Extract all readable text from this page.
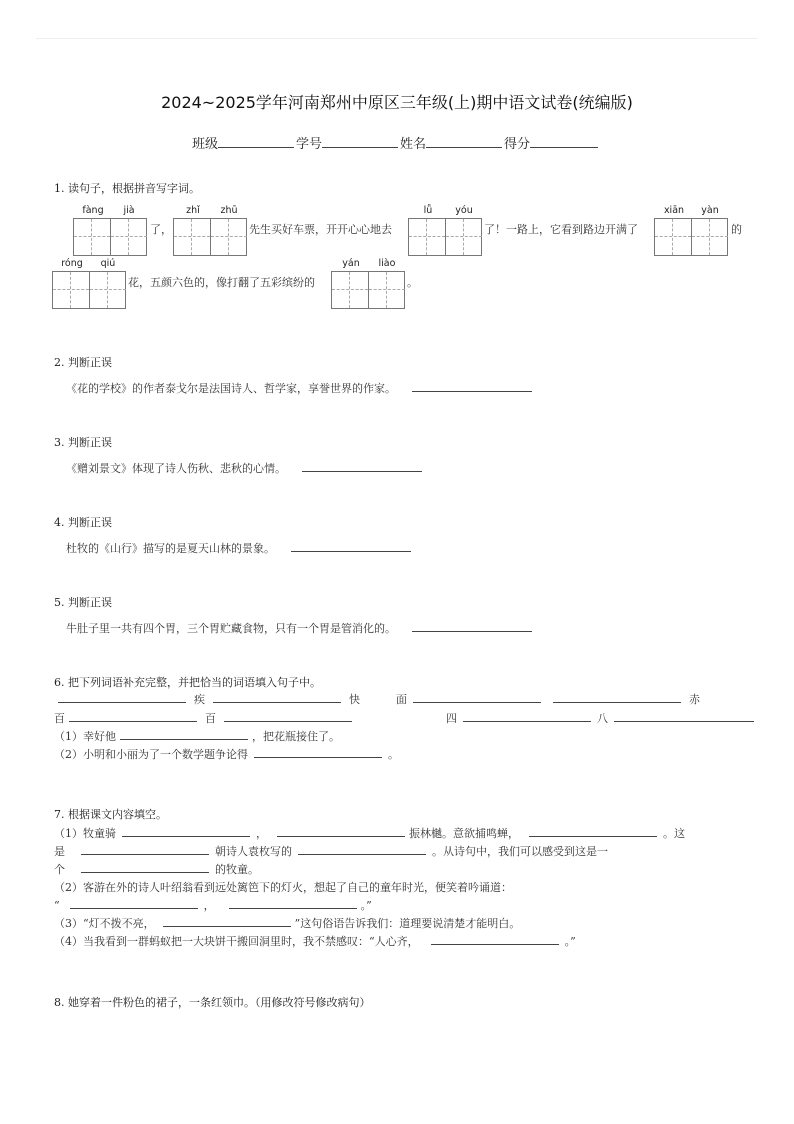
2024~2025学年河南郑州中原区三年级(上)期中语文试卷(统编版)
班级	学号	姓名	得分
1. 读句子，根据拼音写字词。
fàng	jià
了，
zhǐ	zhū
先生买好车票，开开心心地去
lǚ	yóu
了！一路上，它看到路边开满了
xiān	yàn
的
róng	qiú
花，五颜六色的，像打翻了五彩缤纷的
yán	liào
。
2. 判断正误
《花的学校》的作者泰戈尔是法国诗人、哲学家，享誉世界的作家。
3. 判断正误
《赠刘景文》体现了诗人伤秋、悲秋的心情。
4. 判断正误
杜牧的《山行》描写的是夏天山林的景象。
5. 判断正误
牛肚子里一共有四个胃，三个胃贮藏食物，只有一个胃是管消化的。
6. 把下列词语补充完整，并把恰当的词语填入句子中。
疾	快	面	赤
百	百	四	八
（1）幸好他	，把花瓶接住了。
（2）小明和小丽为了一个数学题争论得	。
7. 根据课文内容填空。
（1）牧童骑	，	振林樾。意欲捕鸣蝉，	。这
是	朝诗人袁枚写的	。从诗句中，我们可以感受到这是一
个	的牧童。
（2）客游在外的诗人叶绍翁看到远处篱笆下的灯火，想起了自己的童年时光，便笑着吟诵道：
“	，	。”
（3）“灯不拨不亮，	”这句俗语告诉我们：道理要说清楚才能明白。
（4）当我看到一群蚂蚁把一大块饼干搬回洞里时，我不禁感叹：“人心齐，	。”
8. 她穿着一件粉色的裙子，一条红领巾。（用修改符号修改病句）
